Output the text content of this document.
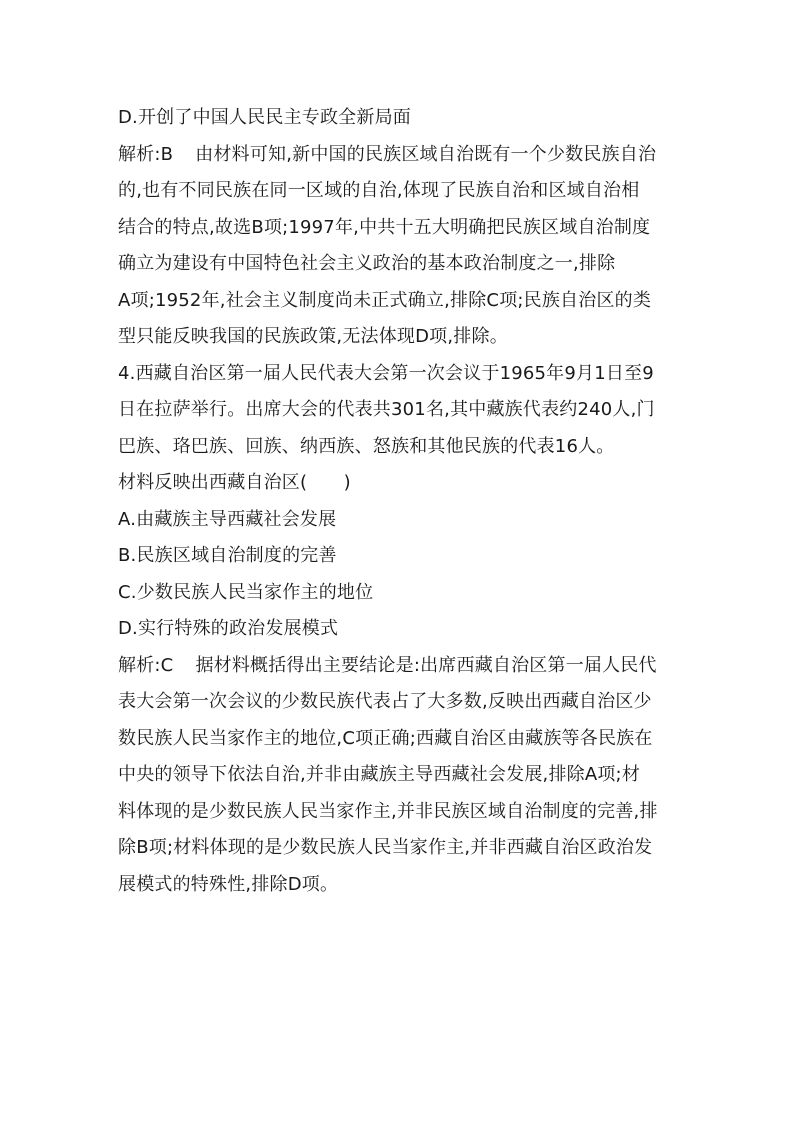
D.开创了中国人民民主专政全新局面
解析:B 由材料可知,新中国的民族区域自治既有一个少数民族自治
的,也有不同民族在同一区域的自治,体现了民族自治和区域自治相
结合的特点,故选B项;1997年,中共十五大明确把民族区域自治制度
确立为建设有中国特色社会主义政治的基本政治制度之一,排除
A项;1952年,社会主义制度尚未正式确立,排除C项;民族自治区的类
型只能反映我国的民族政策,无法体现D项,排除。
4.西藏自治区第一届人民代表大会第一次会议于1965年9月1日至9
日在拉萨举行。出席大会的代表共301名,其中藏族代表约240人,门
巴族、珞巴族、回族、纳西族、怒族和其他民族的代表16人。
材料反映出西藏自治区(　　)
A.由藏族主导西藏社会发展
B.民族区域自治制度的完善
C.少数民族人民当家作主的地位
D.实行特殊的政治发展模式
解析:C 据材料概括得出主要结论是:出席西藏自治区第一届人民代
表大会第一次会议的少数民族代表占了大多数,反映出西藏自治区少
数民族人民当家作主的地位,C项正确;西藏自治区由藏族等各民族在
中央的领导下依法自治,并非由藏族主导西藏社会发展,排除A项;材
料体现的是少数民族人民当家作主,并非民族区域自治制度的完善,排
除B项;材料体现的是少数民族人民当家作主,并非西藏自治区政治发
展模式的特殊性,排除D项。
